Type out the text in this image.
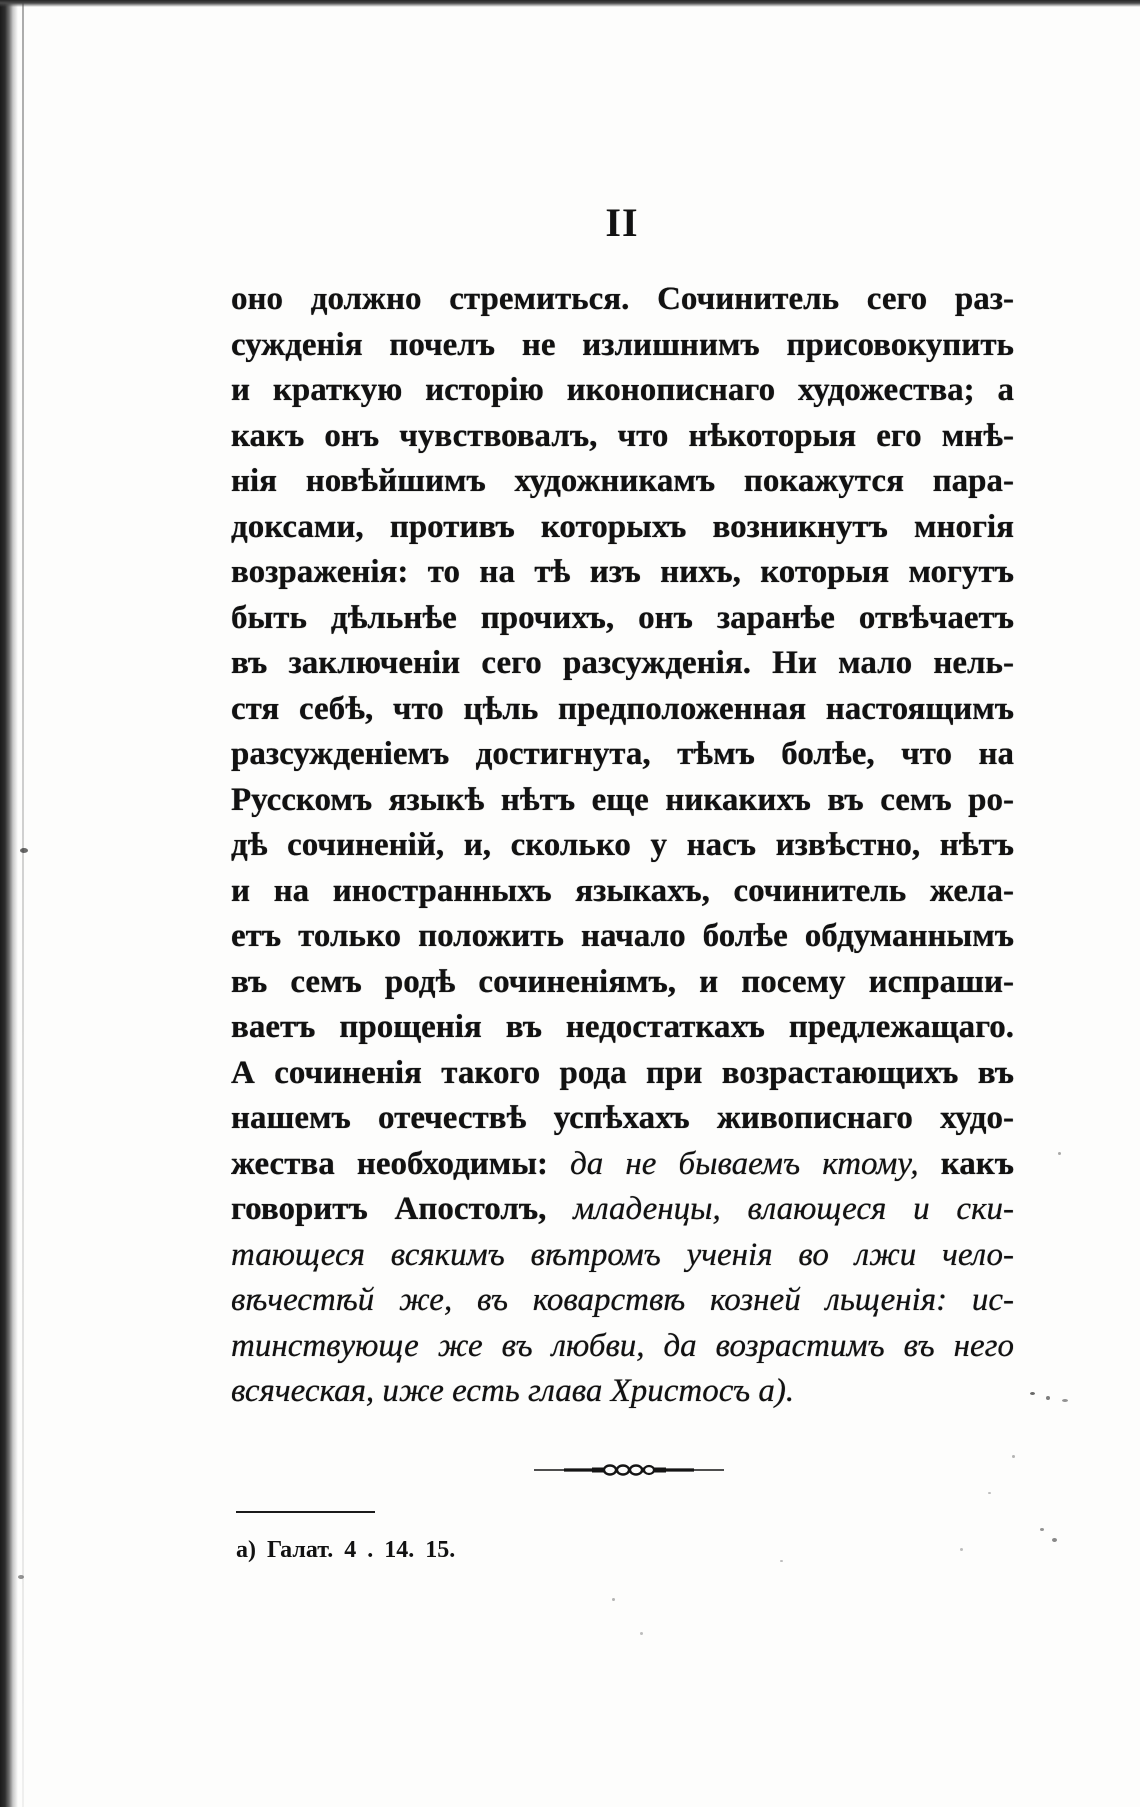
II
оно должно стремиться. Сочинитель сего раз-
сужденія почелъ не излишнимъ присовокупить
и краткую исторію иконописнаго художества; а
какъ онъ чувствовалъ, что нѣкоторыя его мнѣ-
нія новѣйшимъ художникамъ покажутся пара-
доксами, противъ которыхъ возникнутъ многія
возраженія: то на тѣ изъ нихъ, которыя могутъ
быть дѣльнѣе прочихъ, онъ заранѣе отвѣчаетъ
въ заключеніи сего разсужденія. Ни мало нель-
стя себѣ, что цѣль предположенная настоящимъ
разсужденіемъ достигнута, тѣмъ болѣе, что на
Русскомъ языкѣ нѣтъ еще никакихъ въ семъ ро-
дѣ сочиненій, и, сколько у насъ извѣстно, нѣтъ
и на иностранныхъ языкахъ, сочинитель жела-
етъ только положить начало болѣе обдуманнымъ
въ семъ родѣ сочиненіямъ, и посему испраши-
ваетъ прощенія въ недостаткахъ предлежащаго.
А сочиненія такого рода при возрастающихъ въ
нашемъ отечествѣ успѣхахъ живописнаго худо-
жества необходимы: да не бываемъ ктому, какъ
говоритъ Апостолъ, младенцы, влающеся и ски-
тающеся всякимъ вѣтромъ ученія во лжи чело-
вѣчестѣй же, въ коварствѣ козней льщенія: ис-
тинствующе же въ любви, да возрастимъ въ него
всяческая, иже есть глава Христосъ а).
а) Галат. 4 . 14. 15.
